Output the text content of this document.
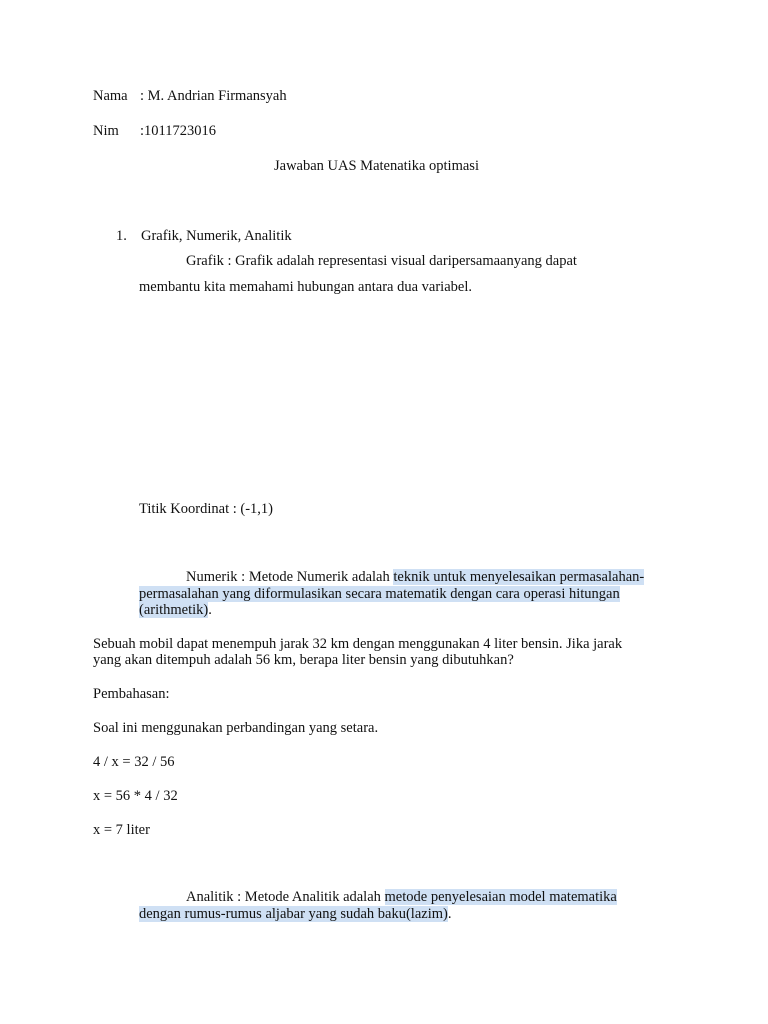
Nama : M. Andrian Firmansyah
Nim :1011723016
Jawaban UAS Matenatika optimasi
1. Grafik, Numerik, Analitik
Grafik : Grafik adalah representasi visual daripersamaanyang dapat
membantu kita memahami hubungan antara dua variabel.
Titik Koordinat : (-1,1)
Numerik : Metode Numerik adalah teknik untuk menyelesaikan permasalahan-
permasalahan yang diformulasikan secara matematik dengan cara operasi hitungan
(arithmetik).
Sebuah mobil dapat menempuh jarak 32 km dengan menggunakan 4 liter bensin. Jika jarak
yang akan ditempuh adalah 56 km, berapa liter bensin yang dibutuhkan?
Pembahasan:
Soal ini menggunakan perbandingan yang setara.
4 / x = 32 / 56
x = 56 * 4 / 32
x = 7 liter
Analitik : Metode Analitik adalah metode penyelesaian model matematika
dengan rumus-rumus aljabar yang sudah baku(lazim).
